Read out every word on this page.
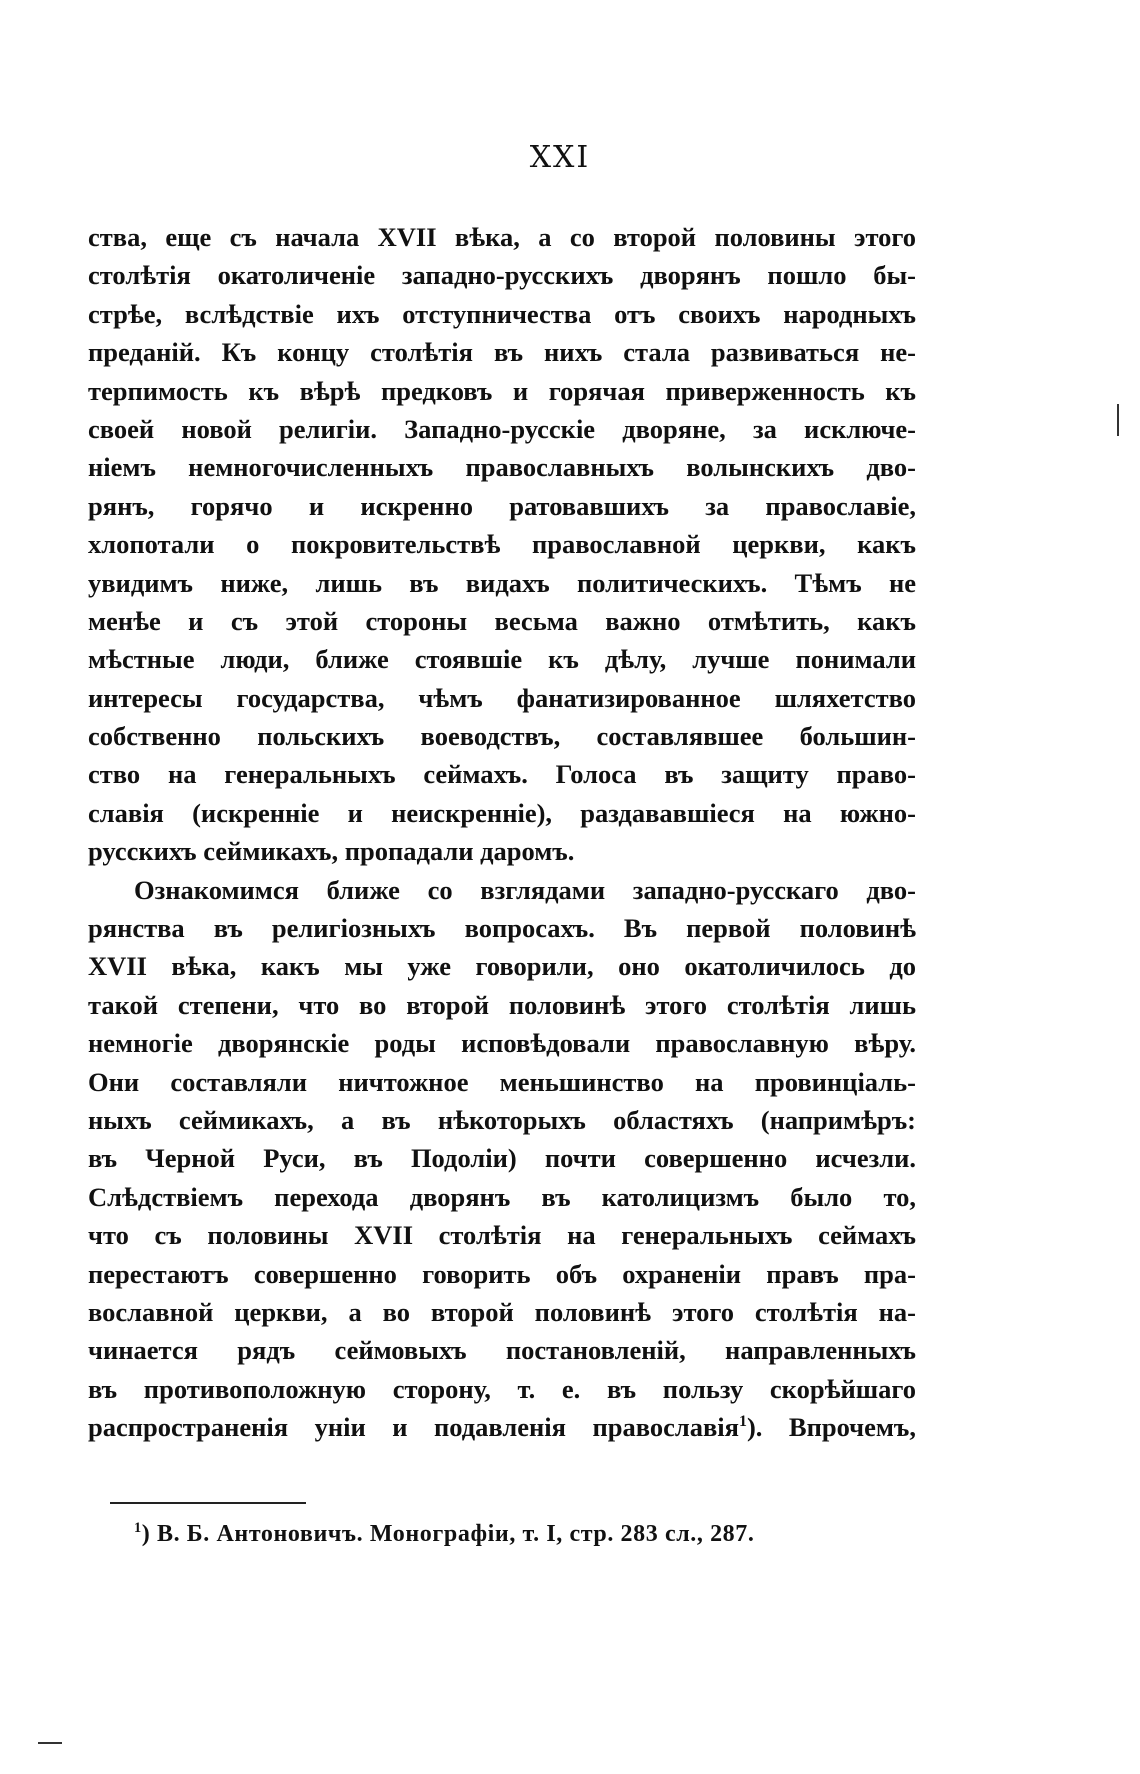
XXI
ства, еще съ начала XVII вѣка, а со второй половины этого
столѣтія окатоличенiе западно-русскихъ дворянъ пошло бы-
стрѣе, вслѣдствiе ихъ отступничества отъ своихъ народныхъ
преданiй. Къ концу столѣтія въ нихъ стала развиваться не-
терпимость къ вѣрѣ предковъ и горячая приверженность къ
своей новой религiи. Западно-русскiе дворяне, за исключе-
нiемъ немногочисленныхъ православныхъ волынскихъ дво-
рянъ, горячо и искренно ратовавшихъ за православiе,
хлопотали о покровительствѣ православной церкви, какъ
увидимъ ниже, лишь въ видахъ политическихъ. Тѣмъ не
менѣе и съ этой стороны весьма важно отмѣтить, какъ
мѣстные люди, ближе стоявшiе къ дѣлу, лучше понимали
интересы государства, чѣмъ фанатизированное шляхетство
собственно польскихъ воеводствъ, составлявшее большин-
ство на генеральныхъ сеймахъ. Голоса въ защиту право-
славія (искреннiе и неискреннiе), раздававшiеся на южно-
русскихъ сеймикахъ, пропадали даромъ.
Ознакомимся ближе со взглядами западно-русскаго дво-
рянства въ религiозныхъ вопросахъ. Въ первой половинѣ
XVII вѣка, какъ мы уже говорили, оно окатоличилось до
такой степени, что во второй половинѣ этого столѣтія лишь
немногiе дворянскiе роды исповѣдовали православную вѣру.
Они составляли ничтожное меньшинство на провинцiаль-
ныхъ сеймикахъ, а въ нѣкоторыхъ областяхъ (напримѣръ:
въ Черной Руси, въ Подолiи) почти совершенно исчезли.
Слѣдствiемъ перехода дворянъ въ католицизмъ было то,
что съ половины XVII столѣтія на генеральныхъ сеймахъ
перестаютъ совершенно говорить объ охраненiи правъ пра-
вославной церкви, а во второй половинѣ этого столѣтія на-
чинается рядъ сеймовыхъ постановленiй, направленныхъ
въ противоположную сторону, т. е. въ пользу скорѣйшаго
распространенiя унiи и подавленiя православія$^1$). Впрочемъ,
$^1$) В. Б. Антоновичъ. Монографiи, т. I, стр. 283 сл., 287.
